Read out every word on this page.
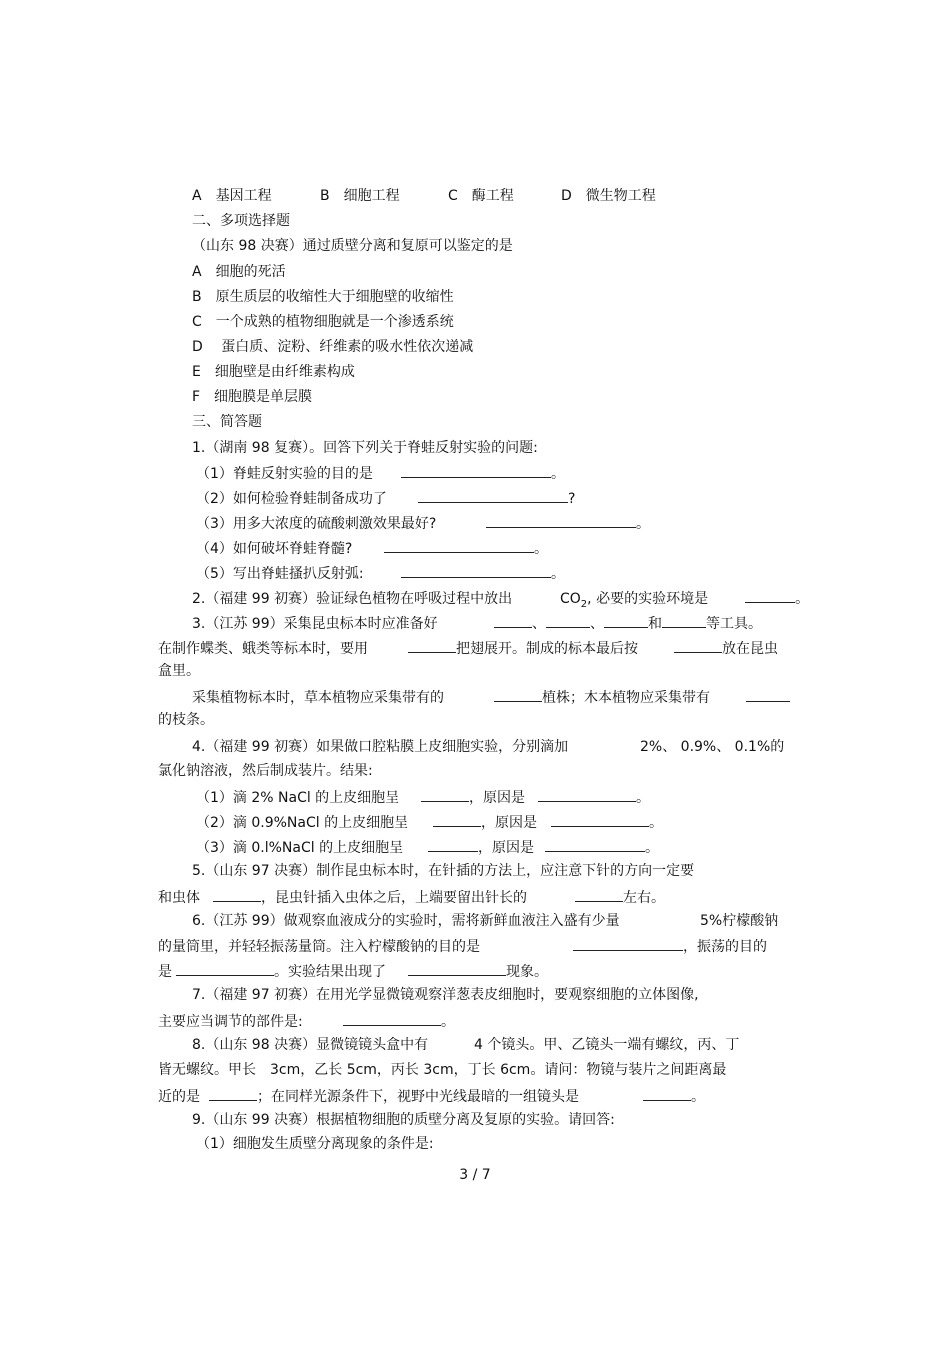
A　基因工程	B　细胞工程	C　酶工程	D　微生物工程
二、多项选择题
（山东 98 决赛）通过质壁分离和复原可以鉴定的是
A　细胞的死活
B　原生质层的收缩性大于细胞壁的收缩性
C　一个成熟的植物细胞就是一个渗透系统
D　 蛋白质、淀粉、纤维素的吸水性依次递减
E　细胞壁是由纤维素构成
F　细胞膜是单层膜
三、简答题
1.（湖南 98 复赛）。回答下列关于脊蛙反射实验的问题:
（1）脊蛙反射实验的目的是	。
（2）如何检验脊蛙制备成功了	?
（3）用多大浓度的硫酸刺激效果最好?	。
（4）如何破坏脊蛙脊髓?	。
（5）写出脊蛙搔扒反射弧:	。
2.（福建 99 初赛）验证绿色植物在呼吸过程中放出	$CO_2$, 必要的实验环境是	。
3.（江苏 99）采集昆虫标本时应准备好	、	、	和	等工具。
在制作蝶类、蛾类等标本时，要用	把翅展开。制成的标本最后按	放在昆虫
盒里。
采集植物标本时，草本植物应采集带有的	植株；木本植物应采集带有
的枝条。
4.（福建 99 初赛）如果做口腔粘膜上皮细胞实验，分别滴加	2%、 0.9%、 0.1%的
氯化钠溶液，然后制成装片。结果:
（1）滴 2% NaCl 的上皮细胞呈	，原因是	。
（2）滴 0.9%NaCl 的上皮细胞呈	，原因是	。
（3）滴 0.l%NaCl 的上皮细胞呈	，原因是	。
5.（山东 97 决赛）制作昆虫标本时，在针插的方法上，应注意下针的方向一定要
和虫体	，昆虫针插入虫体之后，上端要留出针长的	左右。
6.（江苏 99）做观察血液成分的实验时，需将新鲜血液注入盛有少量	5%柠檬酸钠
的量筒里，并轻轻振荡量筒。注入柠檬酸钠的目的是	，振荡的目的
是	。实验结果出现了	现象。
7.（福建 97 初赛）在用光学显微镜观察洋葱表皮细胞时，要观察细胞的立体图像,
主要应当调节的部件是:	。
8.（山东 98 决赛）显微镜镜头盒中有	4 个镜头。甲、乙镜头一端有螺纹，丙、丁
皆无螺纹。甲长　3cm，乙长 5cm，丙长 3cm，丁长 6cm。请问：物镜与装片之间距离最
近的是	；在同样光源条件下，视野中光线最暗的一组镜头是	。
9.（山东 99 决赛）根据植物细胞的质壁分离及复原的实验。请回答:
（1）细胞发生质壁分离现象的条件是:
3 / 7
